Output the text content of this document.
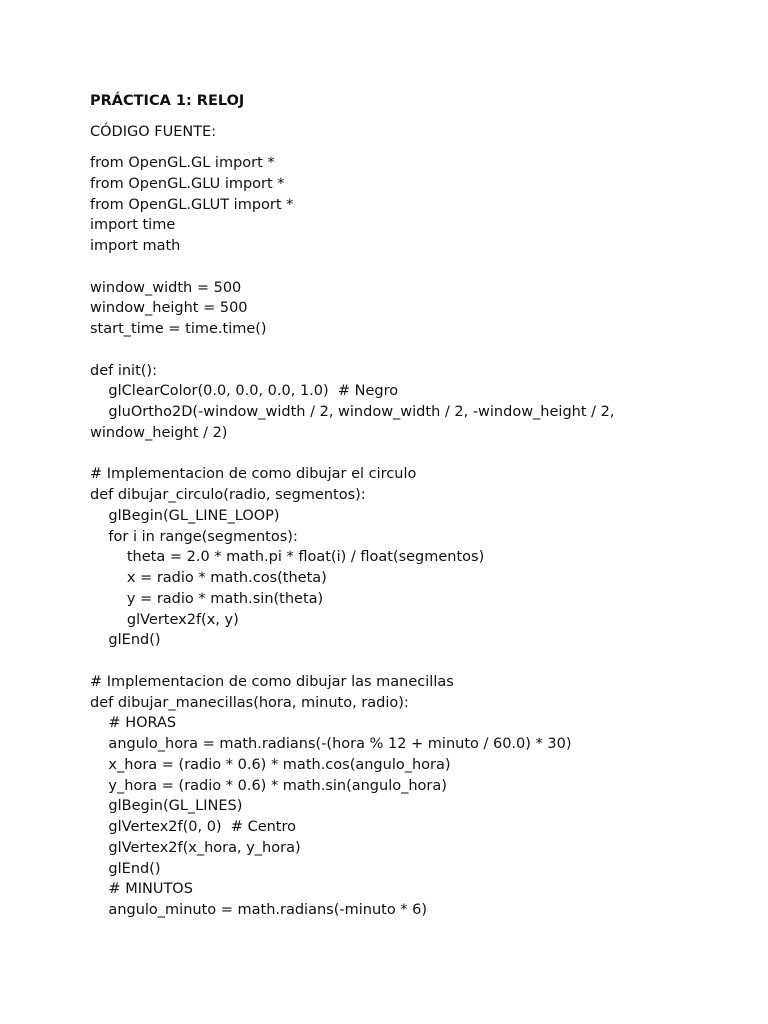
PRÁCTICA 1: RELOJ
CÓDIGO FUENTE:
from OpenGL.GL import *
from OpenGL.GLU import *
from OpenGL.GLUT import *
import time
import math
window_width = 500
window_height = 500
start_time = time.time()
def init():
glClearColor(0.0, 0.0, 0.0, 1.0)  # Negro
gluOrtho2D(-window_width / 2, window_width / 2, -window_height / 2,
window_height / 2)
# Implementacion de como dibujar el circulo
def dibujar_circulo(radio, segmentos):
glBegin(GL_LINE_LOOP)
for i in range(segmentos):
theta = 2.0 * math.pi * float(i) / float(segmentos)
x = radio * math.cos(theta)
y = radio * math.sin(theta)
glVertex2f(x, y)
glEnd()
# Implementacion de como dibujar las manecillas
def dibujar_manecillas(hora, minuto, radio):
# HORAS
angulo_hora = math.radians(-(hora % 12 + minuto / 60.0) * 30)
x_hora = (radio * 0.6) * math.cos(angulo_hora)
y_hora = (radio * 0.6) * math.sin(angulo_hora)
glBegin(GL_LINES)
glVertex2f(0, 0)  # Centro
glVertex2f(x_hora, y_hora)
glEnd()
# MINUTOS
angulo_minuto = math.radians(-minuto * 6)
